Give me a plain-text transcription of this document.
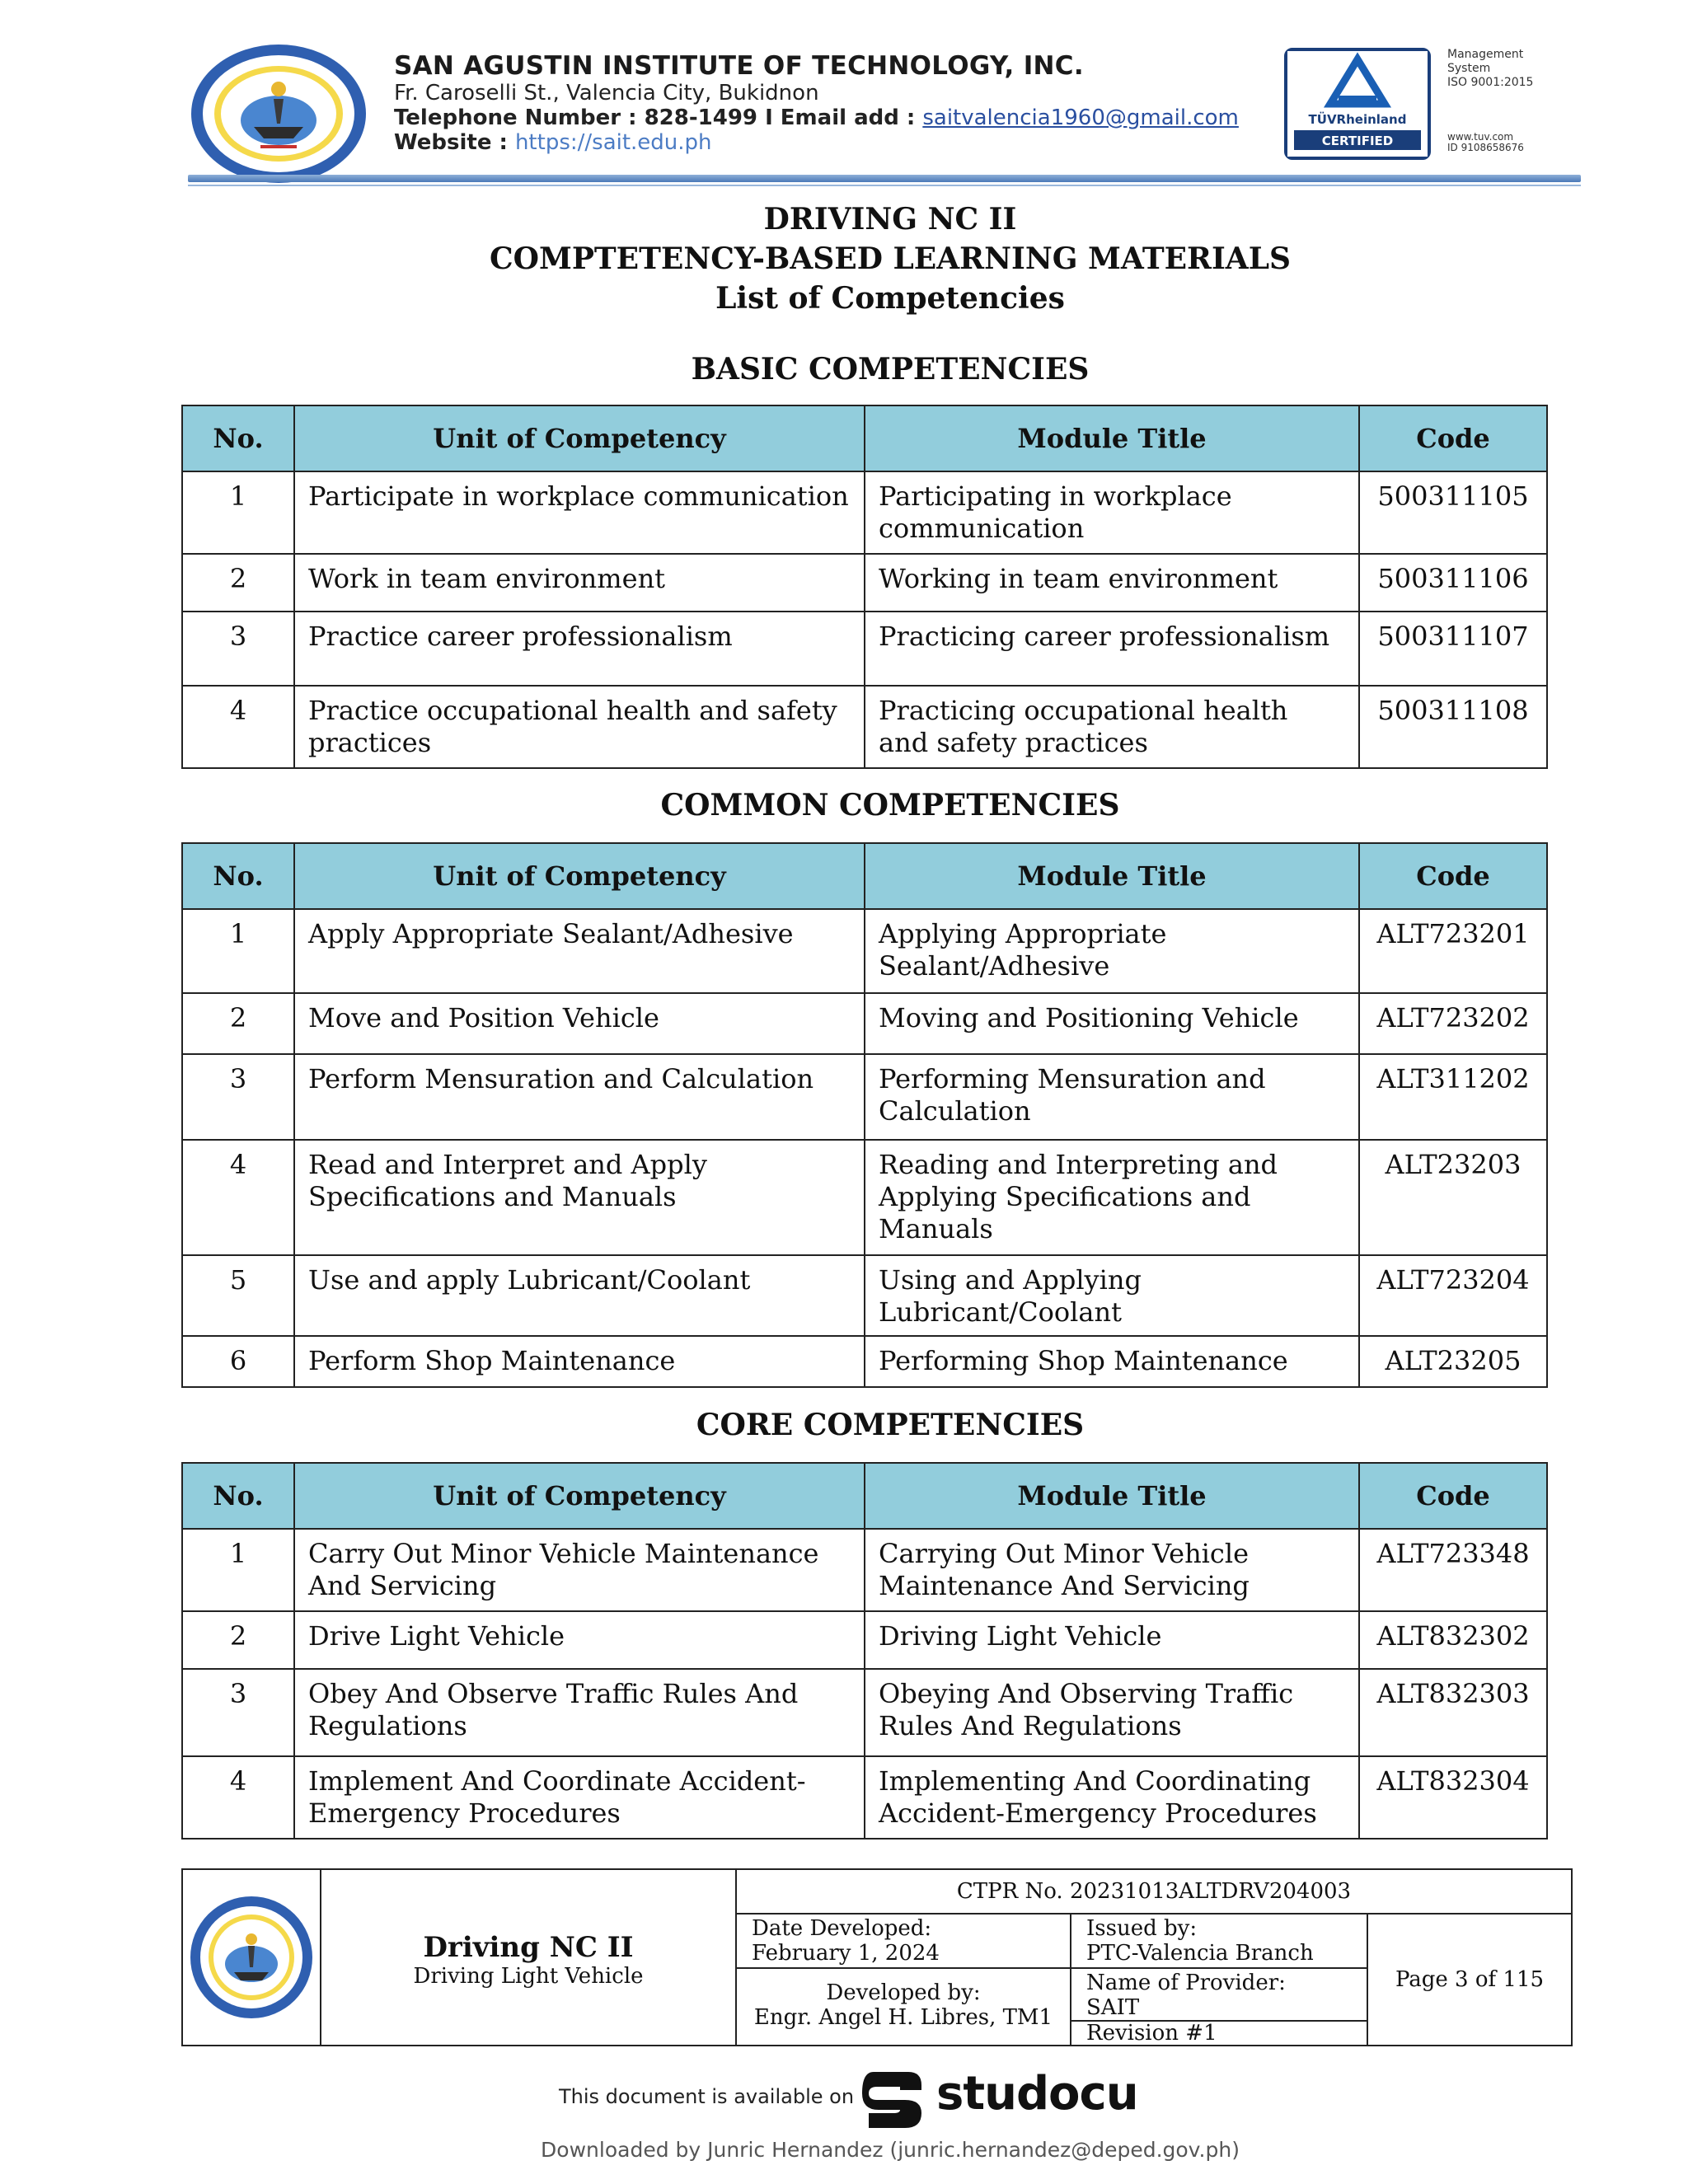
SAN AGUSTIN INSTITUTE OF TECHNOLOGY, INC.
Fr. Caroselli St., Valencia City, Bukidnon
Telephone Number : 828-1499 I Email add : saitvalencia1960@gmail.com
Website : https://sait.edu.ph
TÜVRheinland
CERTIFIED
Management
System
ISO 9001:2015
www.tuv.com
ID 9108658676
DRIVING NC II
COMPTETENCY-BASED LEARNING MATERIALS
List of Competencies
BASIC COMPETENCIES
No.	Unit of Competency	Module Title	Code
1	Participate in workplace communication	Participating in workplace communication	500311105
2	Work in team environment	Working in team environment	500311106
3	Practice career professionalism	Practicing career professionalism	500311107
4	Practice occupational health and safety practices	Practicing occupational health and safety practices	500311108
COMMON COMPETENCIES
No.	Unit of Competency	Module Title	Code
1	Apply Appropriate Sealant/Adhesive	Applying Appropriate Sealant/Adhesive	ALT723201
2	Move and Position Vehicle	Moving and Positioning Vehicle	ALT723202
3	Perform Mensuration and Calculation	Performing Mensuration and Calculation	ALT311202
4	Read and Interpret and Apply Specifications and Manuals	Reading and Interpreting and Applying Specifications and Manuals	ALT23203
5	Use and apply Lubricant/Coolant	Using and Applying Lubricant/Coolant	ALT723204
6	Perform Shop Maintenance	Performing Shop Maintenance	ALT23205
CORE COMPETENCIES
No.	Unit of Competency	Module Title	Code
1	Carry Out Minor Vehicle Maintenance And Servicing	Carrying Out Minor Vehicle Maintenance And Servicing	ALT723348
2	Drive Light Vehicle	Driving Light Vehicle	ALT832302
3	Obey And Observe Traffic Rules And Regulations	Obeying And Observing Traffic Rules And Regulations	ALT832303
4	Implement And Coordinate Accident-Emergency Procedures	Implementing And Coordinating Accident-Emergency Procedures	ALT832304
Driving NC II
Driving Light Vehicle
CTPR No. 20231013ALTDRV204003
Date Developed:
February 1, 2024
Developed by:
Engr. Angel H. Libres, TM1
Issued by:
PTC-Valencia Branch
Name of Provider:
SAIT
Revision #1
Page 3 of 115
This document is available on studocu
Downloaded by Junric Hernandez (junric.hernandez@deped.gov.ph)
